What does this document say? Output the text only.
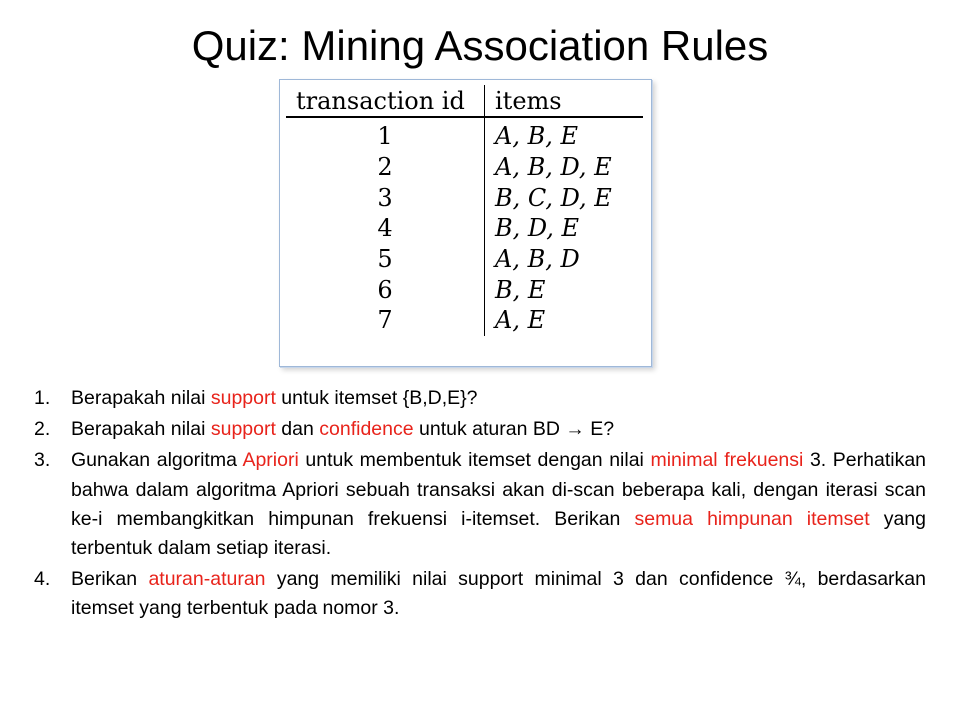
Quiz: Mining Association Rules
transaction id	items
1	A, B, E
2	A, B, D, E
3	B, C, D, E
4	B, D, E
5	A, B, D
6	B, E
7	A, E
1. Berapakah nilai support untuk itemset {B,D,E}?
2. Berapakah nilai support dan confidence untuk aturan BD → E?
3. Gunakan algoritma Apriori untuk membentuk itemset dengan nilai minimal frekuensi 3. Perhatikan bahwa dalam algoritma Apriori sebuah transaksi akan di-scan beberapa kali, dengan iterasi scan ke-i membangkitkan himpunan frekuensi i-itemset. Berikan semua himpunan itemset yang terbentuk dalam setiap iterasi.
4. Berikan aturan-aturan yang memiliki nilai support minimal 3 dan confidence ¾, berdasarkan itemset yang terbentuk pada nomor 3.
